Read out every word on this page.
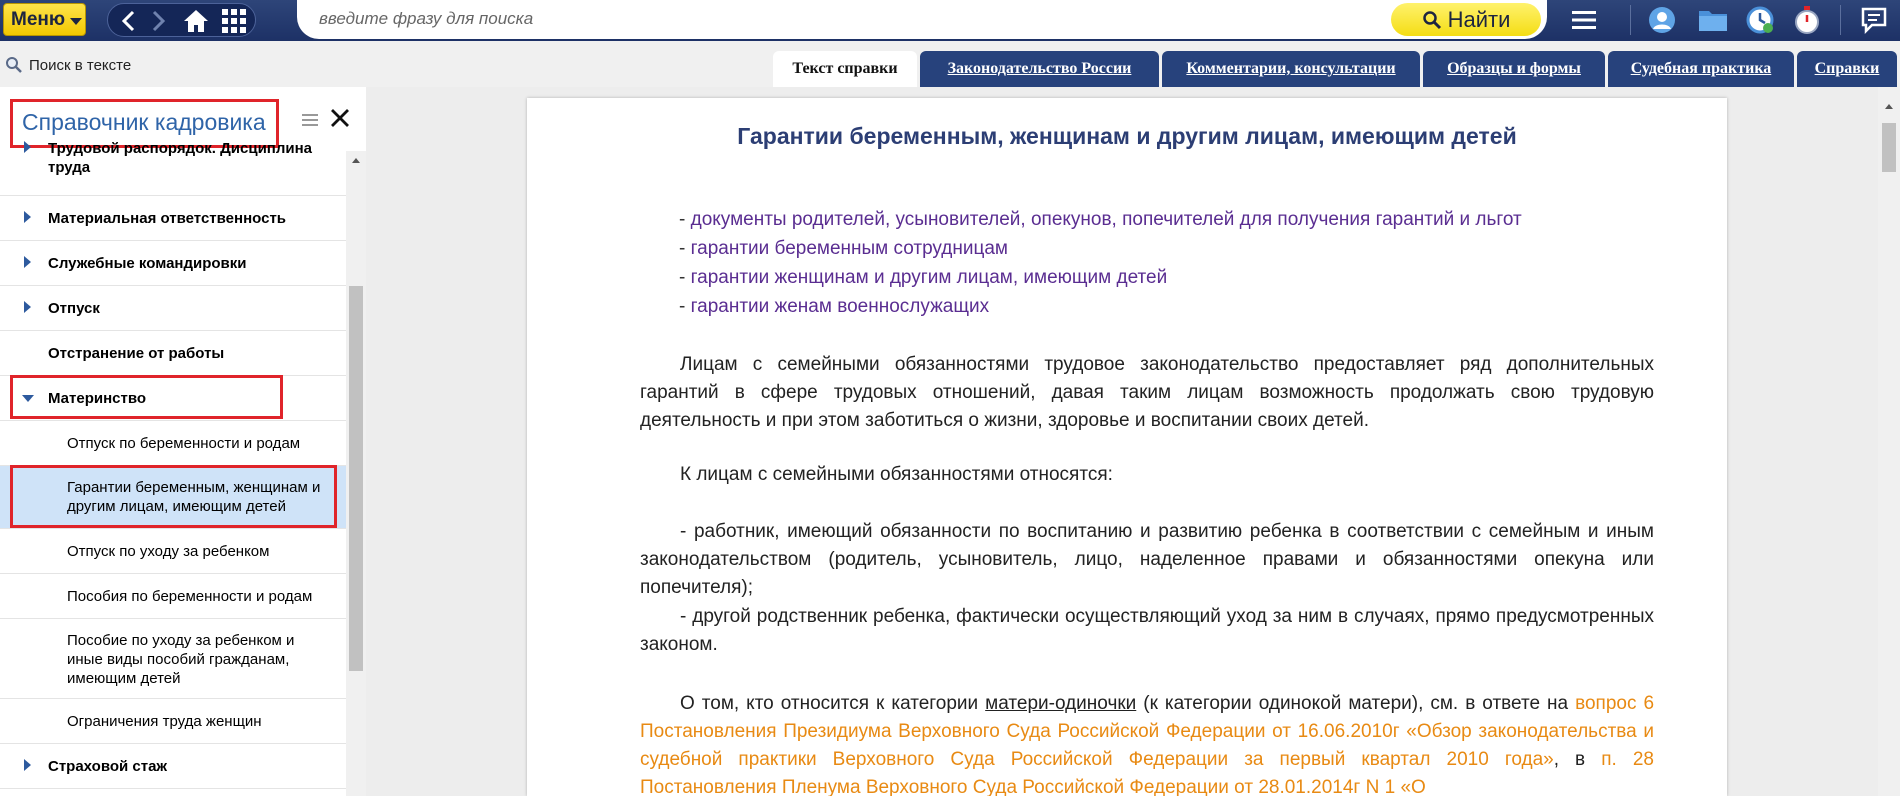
Меню
введите фразу для поиска	Найти
Поиск в тексте	Текст справки	Законодательство России	Комментарии, консультации	Образцы и формы	Судебная практика	Справки
Справочник кадровика
Трудовой распорядок. Дисциплина
труда
Материальная ответственность
Служебные командировки
Отпуск
Отстранение от работы
Материнство
Отпуск по беременности и родам
Гарантии беременным, женщинам и
другим лицам, имеющим детей
Отпуск по уходу за ребенком
Пособия по беременности и родам
Пособие по уходу за ребенком и
иные виды пособий гражданам,
имеющим детей
Ограничения труда женщин
Страховой стаж
Гарантии беременным, женщинам и другим лицам, имеющим детей
- документы родителей, усыновителей, опекунов, попечителей для получения гарантий и льгот
- гарантии беременным сотрудницам
- гарантии женщинам и другим лицам, имеющим детей
- гарантии женам военнослужащих
Лицам с семейными обязанностями трудовое законодательство предоставляет ряд дополнительных гарантий в сфере трудовых отношений, давая таким лицам возможность продолжать свою трудовую деятельность и при этом заботиться о жизни, здоровье и воспитании своих детей.
К лицам с семейными обязанностями относятся:
- работник, имеющий обязанности по воспитанию и развитию ребенка в соответствии с семейным и иным законодательством (родитель, усыновитель, лицо, наделенное правами и обязанностями опекуна или попечителя);
- другой родственник ребенка, фактически осуществляющий уход за ним в случаях, прямо предусмотренных законом.
О том, кто относится к категории матери-одиночки (к категории одинокой матери), см. в ответе на вопрос 6 Постановления Президиума Верховного Суда Российской Федерации от 16.06.2010г «Обзор законодательства и судебной практики Верховного Суда Российской Федерации за первый квартал 2010 года», в п. 28 Постановления Пленума Верховного Суда Российской Федерации от 28.01.2014г N 1 «О
